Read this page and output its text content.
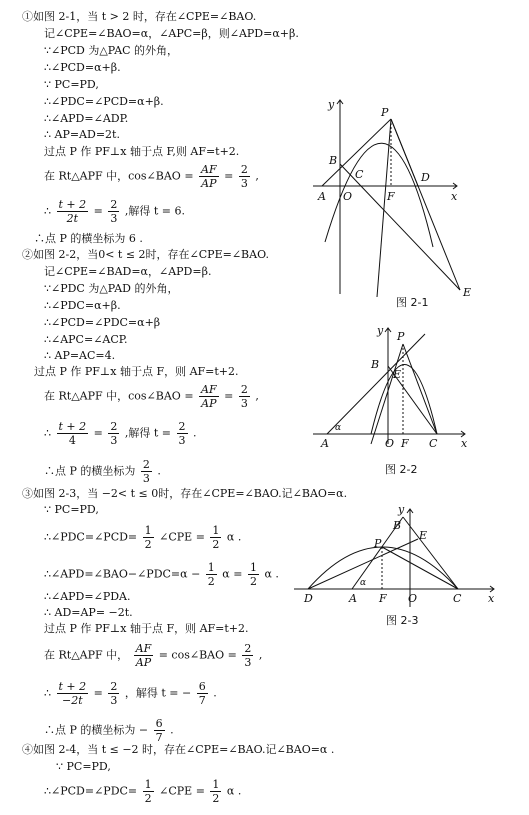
①如图 2-1，当 t > 2 时，存在∠CPE=∠BAO.
记∠CPE=∠BAO=α，∠APC=β，则∠APD=α+β.
∵∠PCD 为△PAC 的外角，
∴∠PCD=α+β.
∵ PC=PD,
∴∠PDC=∠PCD=α+β.
∴∠APD=∠ADP.
∴ AP=AD=2t.
过点 P 作 PF⊥x 轴于点 F,则 AF=t+2.
在 Rt△APF 中，cos∠BAO = $\frac{AF}{AP} = \frac{2}{3}$ ,
∴ $\frac{t + 2}{2t} = \frac{2}{3}$ ,解得 t = 6.
∴点 P 的横坐标为 6 .
②如图 2-2，当0< t ≤ 2时，存在∠CPE=∠BAO.
记∠CPE=∠BAD=α，∠APD=β.
∵∠PDC 为△PAD 的外角，
∴∠PDC=α+β.
∴∠PCD=∠PDC=α+β
∴∠APC=∠ACP.
∴ AP=AC=4.
过点 P 作 PF⊥x 轴于点 F，则 AF=t+2.
在 Rt△APF 中，cos∠BAO = $\frac{AF}{AP} = \frac{2}{3}$ ,
∴ $\frac{t + 2}{4} = \frac{2}{3}$ ,解得 $t = \frac{2}{3}$ .
∴点 P 的横坐标为 $\frac{2}{3}$ .
③如图 2-3，当 −2< t ≤ 0时，存在∠CPE=∠BAO.记∠BAO=α.
∵ PC=PD,
∴∠PDC=∠PCD= $\frac{1}{2}$ ∠CPE = $\frac{1}{2}$ α .
∴∠APD=∠BAO−∠PDC=α − $\frac{1}{2}$ $\alpha = \frac{1}{2}$ α .
∴∠APD=∠PDA.
∴ AD=AP= −2t.
过点 P 作 PF⊥x 轴于点 F，则 AF=t+2.
在 Rt△APF 中， $\frac{AF}{AP}$ = cos∠BAO = $\frac{2}{3}$ ,
∴ $\frac{t + 2}{-2t} = \frac{2}{3}$ ，解得 t = − $\frac{6}{7}$ .
∴点 P 的横坐标为 − $\frac{6}{7}$ .
④如图 2-4，当 t ≤ −2 时，存在∠CPE=∠BAO.记∠BAO=α .
∵ PC=PD,
∴∠PCD=∠PDC= $\frac{1}{2}$ ∠CPE = $\frac{1}{2}$ α .
y
P
B
C	D
A O	F	x
E
图 2-1
y P
B
E
α
A	O F C x
图 2-2
y
B
E
P
α
D	A F O	C x
图 2-3
